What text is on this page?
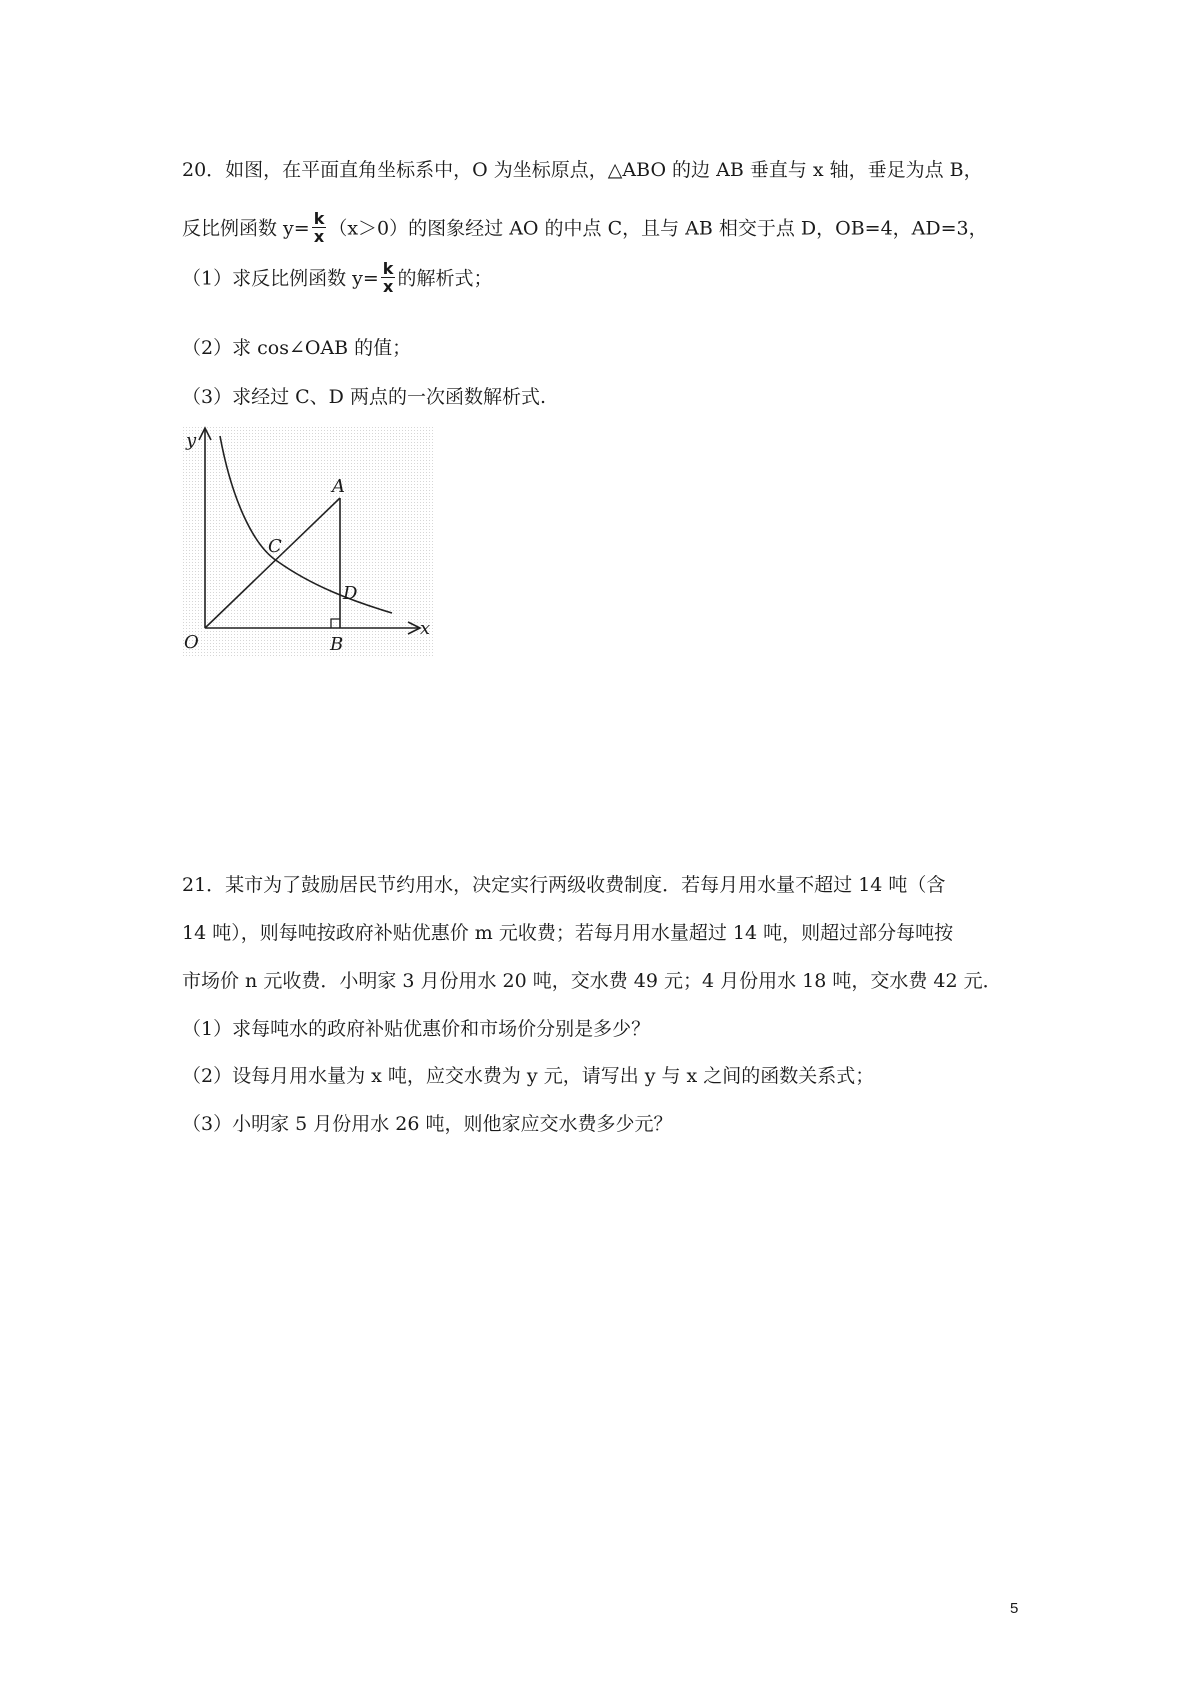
20．如图，在平面直角坐标系中，O 为坐标原点，△ABO 的边 AB 垂直与 x 轴，垂足为点 B，
反比例函数 $y= \frac{k}{x} (x>0)$的图象经过 AO 的中点 C，且与 AB 相交于点 D，OB=4，AD=3，
（1）求反比例函数 $y= \frac{k}{x}$ 的解析式；
（2）求 cos∠OAB 的值；
（3）求经过 C、D 两点的一次函数解析式.
y
x
O
A
B
C
D
21．某市为了鼓励居民节约用水，决定实行两级收费制度．若每月用水量不超过 14 吨（含
14 吨），则每吨按政府补贴优惠价 m 元收费；若每月用水量超过 14 吨，则超过部分每吨按
市场价 n 元收费．小明家 3 月份用水 20 吨，交水费 49 元；4 月份用水 18 吨，交水费 42 元．
（1）求每吨水的政府补贴优惠价和市场价分别是多少？
（2）设每月用水量为 x 吨，应交水费为 y 元，请写出 y 与 x 之间的函数关系式；
（3）小明家 5 月份用水 26 吨，则他家应交水费多少元？
5
